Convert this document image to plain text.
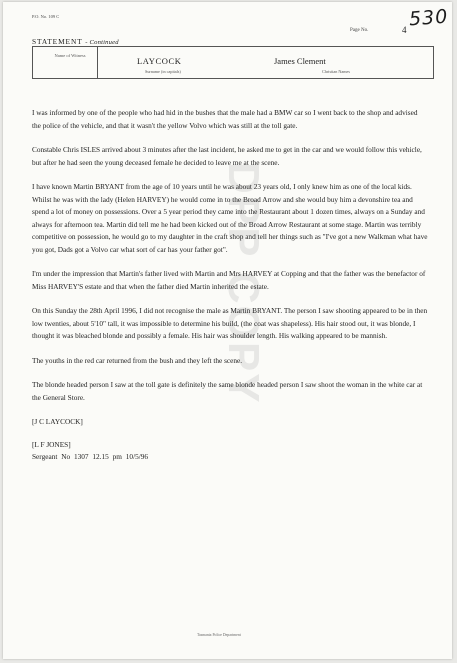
P.O. No. 109 C	530
Page No.	4
STATEMENT - Continued
Name of Witness
LAYCOCK
Surname (in capitals)
James Clement
Christian Names
DPP COPY

I was informed by one of the people who had hid in the bushes that the male had a BMW car so I went back to the shop and advised the police of the vehicle, and that it wasn't the yellow Volvo which was still at the toll gate.

Constable Chris ISLES arrived about 3 minutes after the last incident, he asked me to get in the car and we would follow this vehicle, but after he had seen the young deceased female he decided to leave me at the scene.

I have known Martin BRYANT from the age of 10 years until he was about 23 years old, I only knew him as one of the local kids. Whilst he was with the lady (Helen HARVEY) he would come in to the Broad Arrow and she would buy him a devonshire tea and spend a lot of money on possessions. Over a 5 year period they came into the Restaurant about 1 dozen times, always on a Sunday and always for afternoon tea. Martin did tell me he had been kicked out of the Broad Arrow Restaurant at some stage. Martin was terribly competitive on possession, he would go to my daughter in the craft shop and tell her things such as "I've got a new Walkman what have you got, Dads got a Volvo car what sort of car has your father got".

I'm under the impression that Martin's father lived with Martin and Mrs HARVEY at Copping and that the father was the benefactor of Miss HARVEY'S estate and that when the father died Martin inherited the estate.

On this Sunday the 28th April 1996, I did not recognise the male as Martin BRYANT. The person I saw shooting appeared to be in then low twenties, about 5'10" tall, it was impossible to determine his build, (the coat was shapeless). His hair stood out, it was blonde, I thought it was bleached blonde and possibly a female. His hair was shoulder length. His walking appeared to be mannish.

The youths in the red car returned from the bush and they left the scene.

The blonde headed person I saw at the toll gate is definitely the same blonde headed person I saw shoot the woman in the white car at the General Store.

[J C LAYCOCK]

[L F JONES]
Sergeant No 1307 12.15 pm 10/5/96
Tasmania Police Department
